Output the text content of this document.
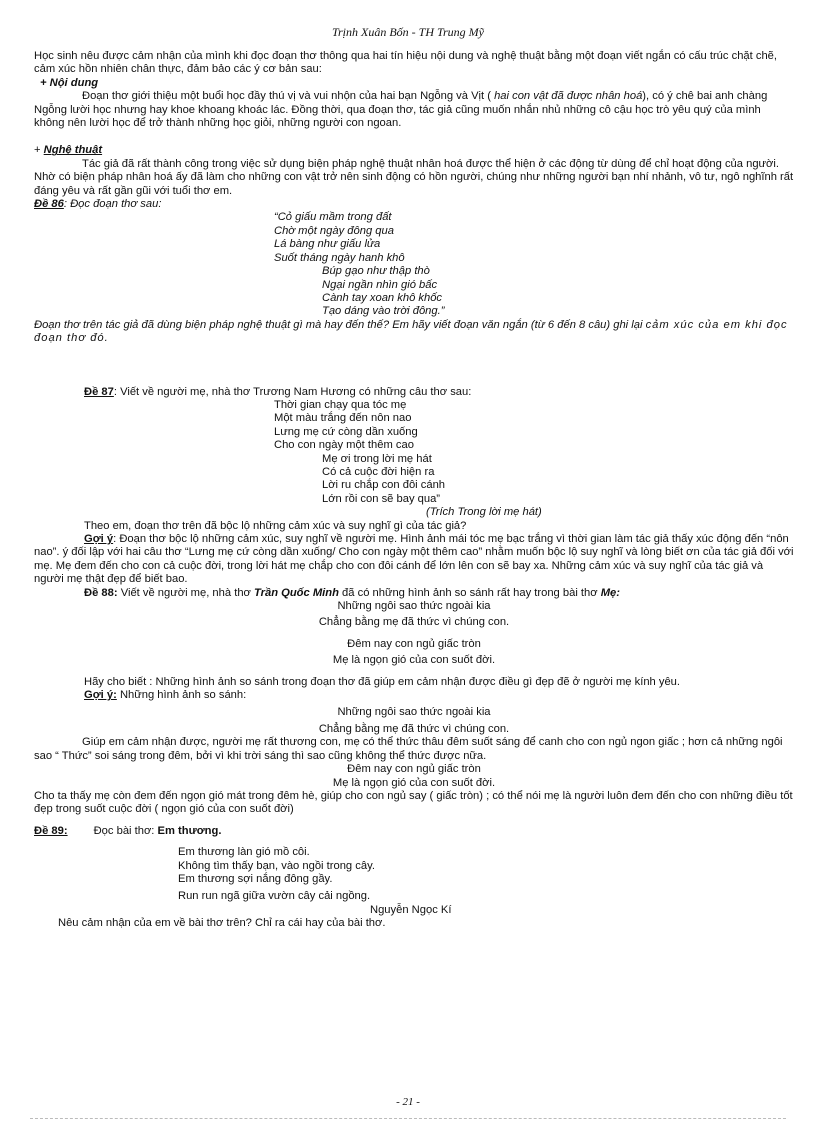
Trịnh Xuân Bốn - TH Trung Mỹ

Học sinh nêu được cảm nhận của mình khi đọc đoạn thơ thông qua hai tín hiệu nội dung và nghệ thuật bằng một đoạn viết ngắn có cấu trúc chặt chẽ, cảm xúc hồn nhiên chân thực, đảm bảo các ý cơ bản sau:

+ Nội dung

Đoạn thơ giới thiệu một buổi học đầy thú vị và vui nhộn của hai bạn Ngỗng và Vịt ( hai con vật đã được nhân hoá), có ý chê bai anh chàng Ngỗng lười học nhưng hay khoe khoang khoác lác. Đồng thời, qua đoạn thơ, tác giả cũng muốn nhắn nhủ những cô cậu học trò yêu quý của mình không nên lười học để trở thành những học giỏi, những người con ngoan.

+ Nghệ thuật

Tác giả đã rất thành công trong việc sử dụng biện pháp nghệ thuật nhân hoá được thể hiện ở các động từ dùng để chỉ hoạt động của người. Nhờ có biện pháp nhân hoá ấy đã làm cho những con vật trở nên sinh động có hồn người, chúng như những người bạn nhí nhảnh, vô tư, ngô nghĩnh rất đáng yêu và rất gần gũi với tuổi thơ em.

Đề 86: Đọc đoạn thơ sau:

“Cỏ giấu mầm trong đất
Chờ một ngày đông qua
Lá bàng như giấu lửa
Suốt tháng ngày hanh khô
Búp gạo như thập thò
Ngại ngần nhìn gió bấc
Cành tay xoan khô khốc
Tạo dáng vào trời đông.”

Đoạn thơ trên tác giả đã dùng biện pháp nghệ thuật gì mà hay đến thế? Em hãy viết đoạn văn ngắn (từ 6 đến 8 câu) ghi lại cảm xúc của em khi đọc đoạn thơ đó.

Đề 87: Viết về người mẹ, nhà thơ Trương Nam Hương có những câu thơ sau:

Thời gian chạy qua tóc mẹ
Một màu trắng đến nôn nao
Lưng mẹ cứ còng dần xuống
Cho con ngày một thêm cao
Mẹ ơi trong lời mẹ hát
Có cả cuộc đời hiện ra
Lời ru chắp con đôi cánh
Lớn rồi con sẽ bay qua”

(Trích Trong lời mẹ hát)

Theo em, đoạn thơ trên đã bộc lộ những cảm xúc và suy nghĩ gì của tác giả?

Gợi ý: Đoạn thơ bộc lộ những cảm xúc, suy nghĩ về người mẹ. Hình ảnh mái tóc mẹ bạc trắng vì thời gian làm tác giả thấy xúc động đến “nôn nao”. ý đối lập với hai câu thơ “Lưng mẹ cứ còng dần xuống/ Cho con ngày một thêm cao” nhằm muốn bộc lộ suy nghĩ và lòng biết ơn của tác giả đối với mẹ. Mẹ đem đến cho con cả cuộc đời, trong lời hát mẹ chắp cho con đôi cánh để lớn lên con sẽ bay xa. Những cảm xúc và suy nghĩ của tác giả và người mẹ thật đẹp để biết bao.

Đề 88: Viết về người mẹ, nhà thơ Trần Quốc Minh đã có những hình ảnh so sánh rất hay trong bài thơ Mẹ:

Những ngôi sao thức ngoài kia
Chẳng bằng mẹ đã thức vì chúng con.
Đêm nay con ngủ giấc tròn
Mẹ là ngọn gió của con suốt đời.

Hãy cho biết : Những hình ảnh so sánh trong đoạn thơ đã giúp em cảm nhận được điều gì đẹp đẽ ở người mẹ kính yêu.

Gợi ý: Những hình ảnh so sánh:

Những ngôi sao thức ngoài kia
Chẳng bằng mẹ đã thức vì chúng con.

Giúp em cảm nhận được, người mẹ rất thương con, mẹ có thể thức thâu đêm suốt sáng để canh cho con ngủ ngon giấc ; hơn cả những ngôi sao “ Thức” soi sáng trong đêm, bởi vì khi trời sáng thì sao cũng không thể thức được nữa.

Đêm nay con ngủ giấc tròn
Mẹ là ngọn gió của con suốt đời.

Cho ta thấy mẹ còn đem đến ngọn gió mát trong đêm hè, giúp cho con ngủ say ( giấc tròn) ; có thể nói mẹ là người luôn đem đến cho con những điều tốt đẹp trong suốt cuộc đời ( ngọn gió của con suốt đời)

Đề 89: Đọc bài thơ: Em thương.

Em thương làn gió mồ côi.
Không tìm thấy bạn, vào ngồi trong cây.
Em thương sợi nắng đông gầy.
Run run ngã giữa vườn cây cải ngồng.

Nguyễn Ngọc Kí

Nêu cảm nhận của em về bài thơ trên? Chỉ ra cái hay của bài thơ.

- 21 -
